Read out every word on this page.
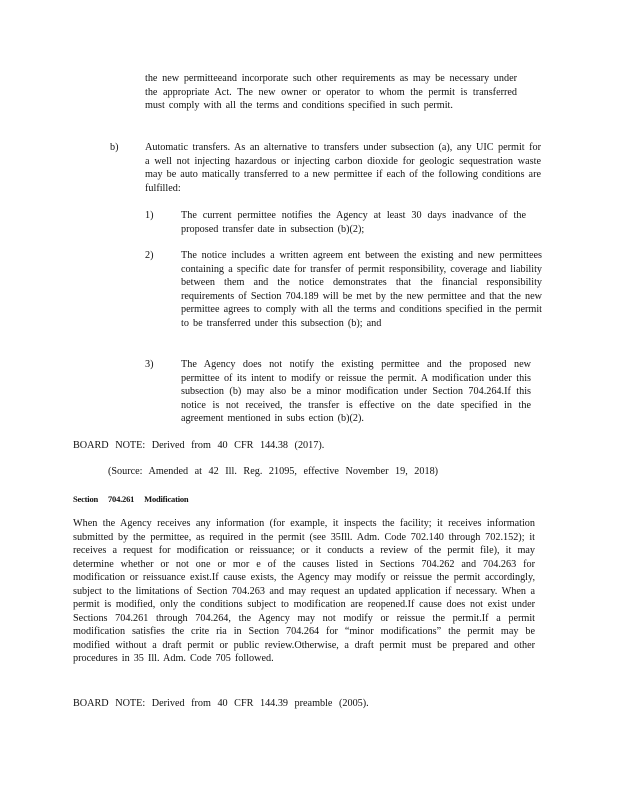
the new permitteeand incorporate such other requirements as may be necessary under the appropriate Act. The new owner or operator to whom the permit is transferred must comply with all the terms and conditions specified in such permit.

b)	Automatic transfers. As an alternative to transfers under subsection (a), any UIC permit for a well not injecting hazardous or injecting carbon dioxide for geologic sequestration waste may be auto matically transferred to a new permittee if each of the following conditions are fulfilled:

1)	The current permittee notifies the Agency at least 30 days inadvance of the proposed transfer date in subsection (b)(2);

2)	The notice includes a written agreem ent between the existing and new permittees containing a specific date for transfer of permit responsibility, coverage and liability between them and the notice demonstrates that the financial responsibility requirements of Section 704.189 will be met by the new permittee and that the new permittee agrees to comply with all the terms and conditions specified in the permit to be transferred under this subsection (b); and

3)	The Agency does not notify the existing permittee and the proposed new permittee of its intent to modify or reissue the permit. A modification under this subsection (b) may also be a minor modification under Section 704.264.If this notice is not received, the transfer is effective on the date specified in the agreement mentioned in subs ection (b)(2).

BOARD NOTE: Derived from 40 CFR 144.38 (2017).
(Source: Amended at 42 Ill. Reg. 21095, effective November 19, 2018)
Section 704.261 Modification

When the Agency receives any information (for example, it inspects the facility; it receives information submitted by the permittee, as required in the permit (see 35Ill. Adm. Code 702.140 through 702.152); it receives a request for modification or reissuance; or it conducts a review of the permit file), it may determine whether or not one or mor e of the causes listed in Sections 704.262 and 704.263 for modification or reissuance exist.If cause exists, the Agency may modify or reissue the permit accordingly, subject to the limitations of Section 704.263 and may request an updated application if necessary. When a permit is modified, only the conditions subject to modification are reopened.If cause does not exist under Sections 704.261 through 704.264, the Agency may not modify or reissue the permit.If a permit modification satisfies the crite ria in Section 704.264 for “minor modifications” the permit may be modified without a draft permit or public review.Otherwise, a draft permit must be prepared and other procedures in 35 Ill. Adm. Code 705 followed.

BOARD NOTE: Derived from 40 CFR 144.39 preamble (2005).
